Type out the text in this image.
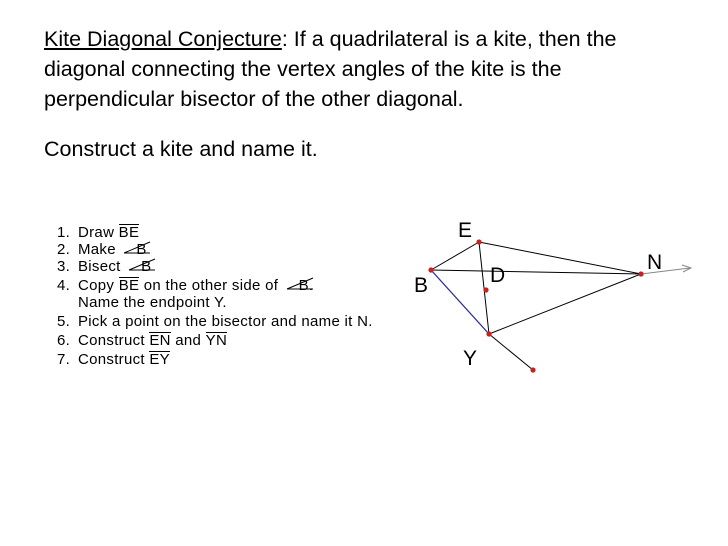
Kite Diagonal Conjecture: If a quadrilateral is a kite, then the diagonal connecting the vertex angles of the kite is the perpendicular bisector of the other diagonal.

Construct a kite and name it.

1. Draw BE
2. Make
B
3. Bisect
B
4. Copy BE on the other side of
B.
Name the endpoint Y.
5. Pick a point on the bisector and name it N.
6. Construct EN and YN
7. Construct EY
E
B	D
N
Y
